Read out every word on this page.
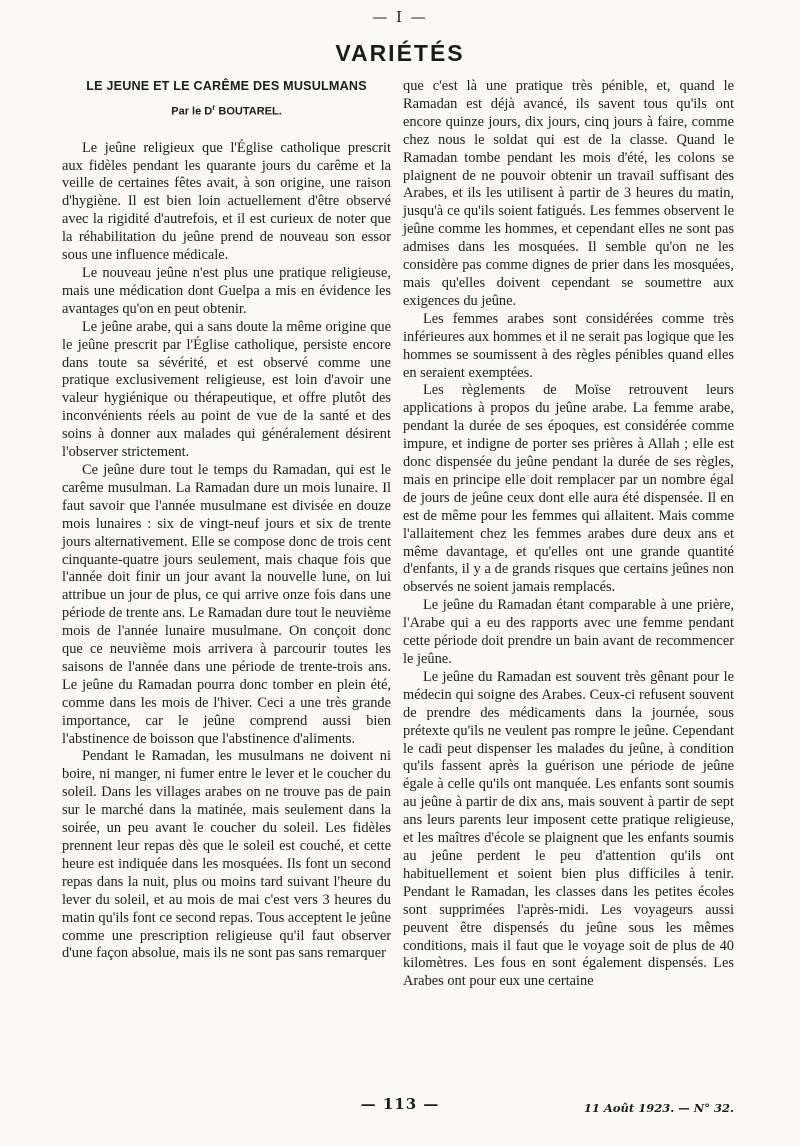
— I —
VARIÉTÉS
LE JEUNE ET LE CARÊME DES MUSULMANS
Par le $D^r$ BOUTAREL.

Le jeûne religieux que l'Église catholique prescrit aux fidèles pendant les quarante jours du carême et la veille de certaines fêtes avait, à son origine, une raison d'hygiène. Il est bien loin actuellement d'être observé avec la rigidité d'autrefois, et il est curieux de noter que la réhabilitation du jeûne prend de nouveau son essor sous une influence médicale.

Le nouveau jeûne n'est plus une pratique religieuse, mais une médication dont Guelpa a mis en évidence les avantages qu'on en peut obtenir.

Le jeûne arabe, qui a sans doute la même origine que le jeûne prescrit par l'Église catholique, persiste encore dans toute sa sévérité, et est observé comme une pratique exclusivement religieuse, est loin d'avoir une valeur hygiénique ou thérapeutique, et offre plutôt des inconvénients réels au point de vue de la santé et des soins à donner aux malades qui généralement désirent l'observer strictement.

Ce jeûne dure tout le temps du Ramadan, qui est le carême musulman. La Ramadan dure un mois lunaire. Il faut savoir que l'année musulmane est divisée en douze mois lunaires : six de vingt-neuf jours et six de trente jours alternativement. Elle se compose donc de trois cent cinquante-quatre jours seulement, mais chaque fois que l'année doit finir un jour avant la nouvelle lune, on lui attribue un jour de plus, ce qui arrive onze fois dans une période de trente ans. Le Ramadan dure tout le neuvième mois de l'année lunaire musulmane. On conçoit donc que ce neuvième mois arrivera à parcourir toutes les saisons de l'année dans une période de trente-trois ans. Le jeûne du Ramadan pourra donc tomber en plein été, comme dans les mois de l'hiver. Ceci a une très grande importance, car le jeûne comprend aussi bien l'abstinence de boisson que l'abstinence d'aliments.

Pendant le Ramadan, les musulmans ne doivent ni boire, ni manger, ni fumer entre le lever et le coucher du soleil. Dans les villages arabes on ne trouve pas de pain sur le marché dans la matinée, mais seulement dans la soirée, un peu avant le coucher du soleil. Les fidèles prennent leur repas dès que le soleil est couché, et cette heure est indiquée dans les mosquées. Ils font un second repas dans la nuit, plus ou moins tard suivant l'heure du lever du soleil, et au mois de mai c'est vers 3 heures du matin qu'ils font ce second repas. Tous acceptent le jeûne comme une prescription religieuse qu'il faut observer d'une façon absolue, mais ils ne sont pas sans remarquer

que c'est là une pratique très pénible, et, quand le Ramadan est déjà avancé, ils savent tous qu'ils ont encore quinze jours, dix jours, cinq jours à faire, comme chez nous le soldat qui est de la classe. Quand le Ramadan tombe pendant les mois d'été, les colons se plaignent de ne pouvoir obtenir un travail suffisant des Arabes, et ils les utilisent à partir de 3 heures du matin, jusqu'à ce qu'ils soient fatigués. Les femmes observent le jeûne comme les hommes, et cependant elles ne sont pas admises dans les mosquées. Il semble qu'on ne les considère pas comme dignes de prier dans les mosquées, mais qu'elles doivent cependant se soumettre aux exigences du jeûne.

Les femmes arabes sont considérées comme très inférieures aux hommes et il ne serait pas logique que les hommes se soumissent à des règles pénibles quand elles en seraient exemptées.

Les règlements de Moïse retrouvent leurs applications à propos du jeûne arabe. La femme arabe, pendant la durée de ses époques, est considérée comme impure, et indigne de porter ses prières à Allah ; elle est donc dispensée du jeûne pendant la durée de ses règles, mais en principe elle doit remplacer par un nombre égal de jours de jeûne ceux dont elle aura été dispensée. Il en est de même pour les femmes qui allaitent. Mais comme l'allaitement chez les femmes arabes dure deux ans et même davantage, et qu'elles ont une grande quantité d'enfants, il y a de grands risques que certains jeûnes non observés ne soient jamais remplacés.

Le jeûne du Ramadan étant comparable à une prière, l'Arabe qui a eu des rapports avec une femme pendant cette période doit prendre un bain avant de recommencer le jeûne.

Le jeûne du Ramadan est souvent très gênant pour le médecin qui soigne des Arabes. Ceux-ci refusent souvent de prendre des médicaments dans la journée, sous prétexte qu'ils ne veulent pas rompre le jeûne. Cependant le cadi peut dispenser les malades du jeûne, à condition qu'ils fassent après la guérison une période de jeûne égale à celle qu'ils ont manquée. Les enfants sont soumis au jeûne à partir de dix ans, mais souvent à partir de sept ans leurs parents leur imposent cette pratique religieuse, et les maîtres d'école se plaignent que les enfants soumis au jeûne perdent le peu d'attention qu'ils ont habituellement et soient bien plus difficiles à tenir. Pendant le Ramadan, les classes dans les petites écoles sont supprimées l'après-midi. Les voyageurs aussi peuvent être dispensés du jeûne sous les mêmes conditions, mais il faut que le voyage soit de plus de 40 kilomètres. Les fous en sont également dispensés. Les Arabes ont pour eux une certaine

— 113 —	11 Août 1923. — N° 32.
